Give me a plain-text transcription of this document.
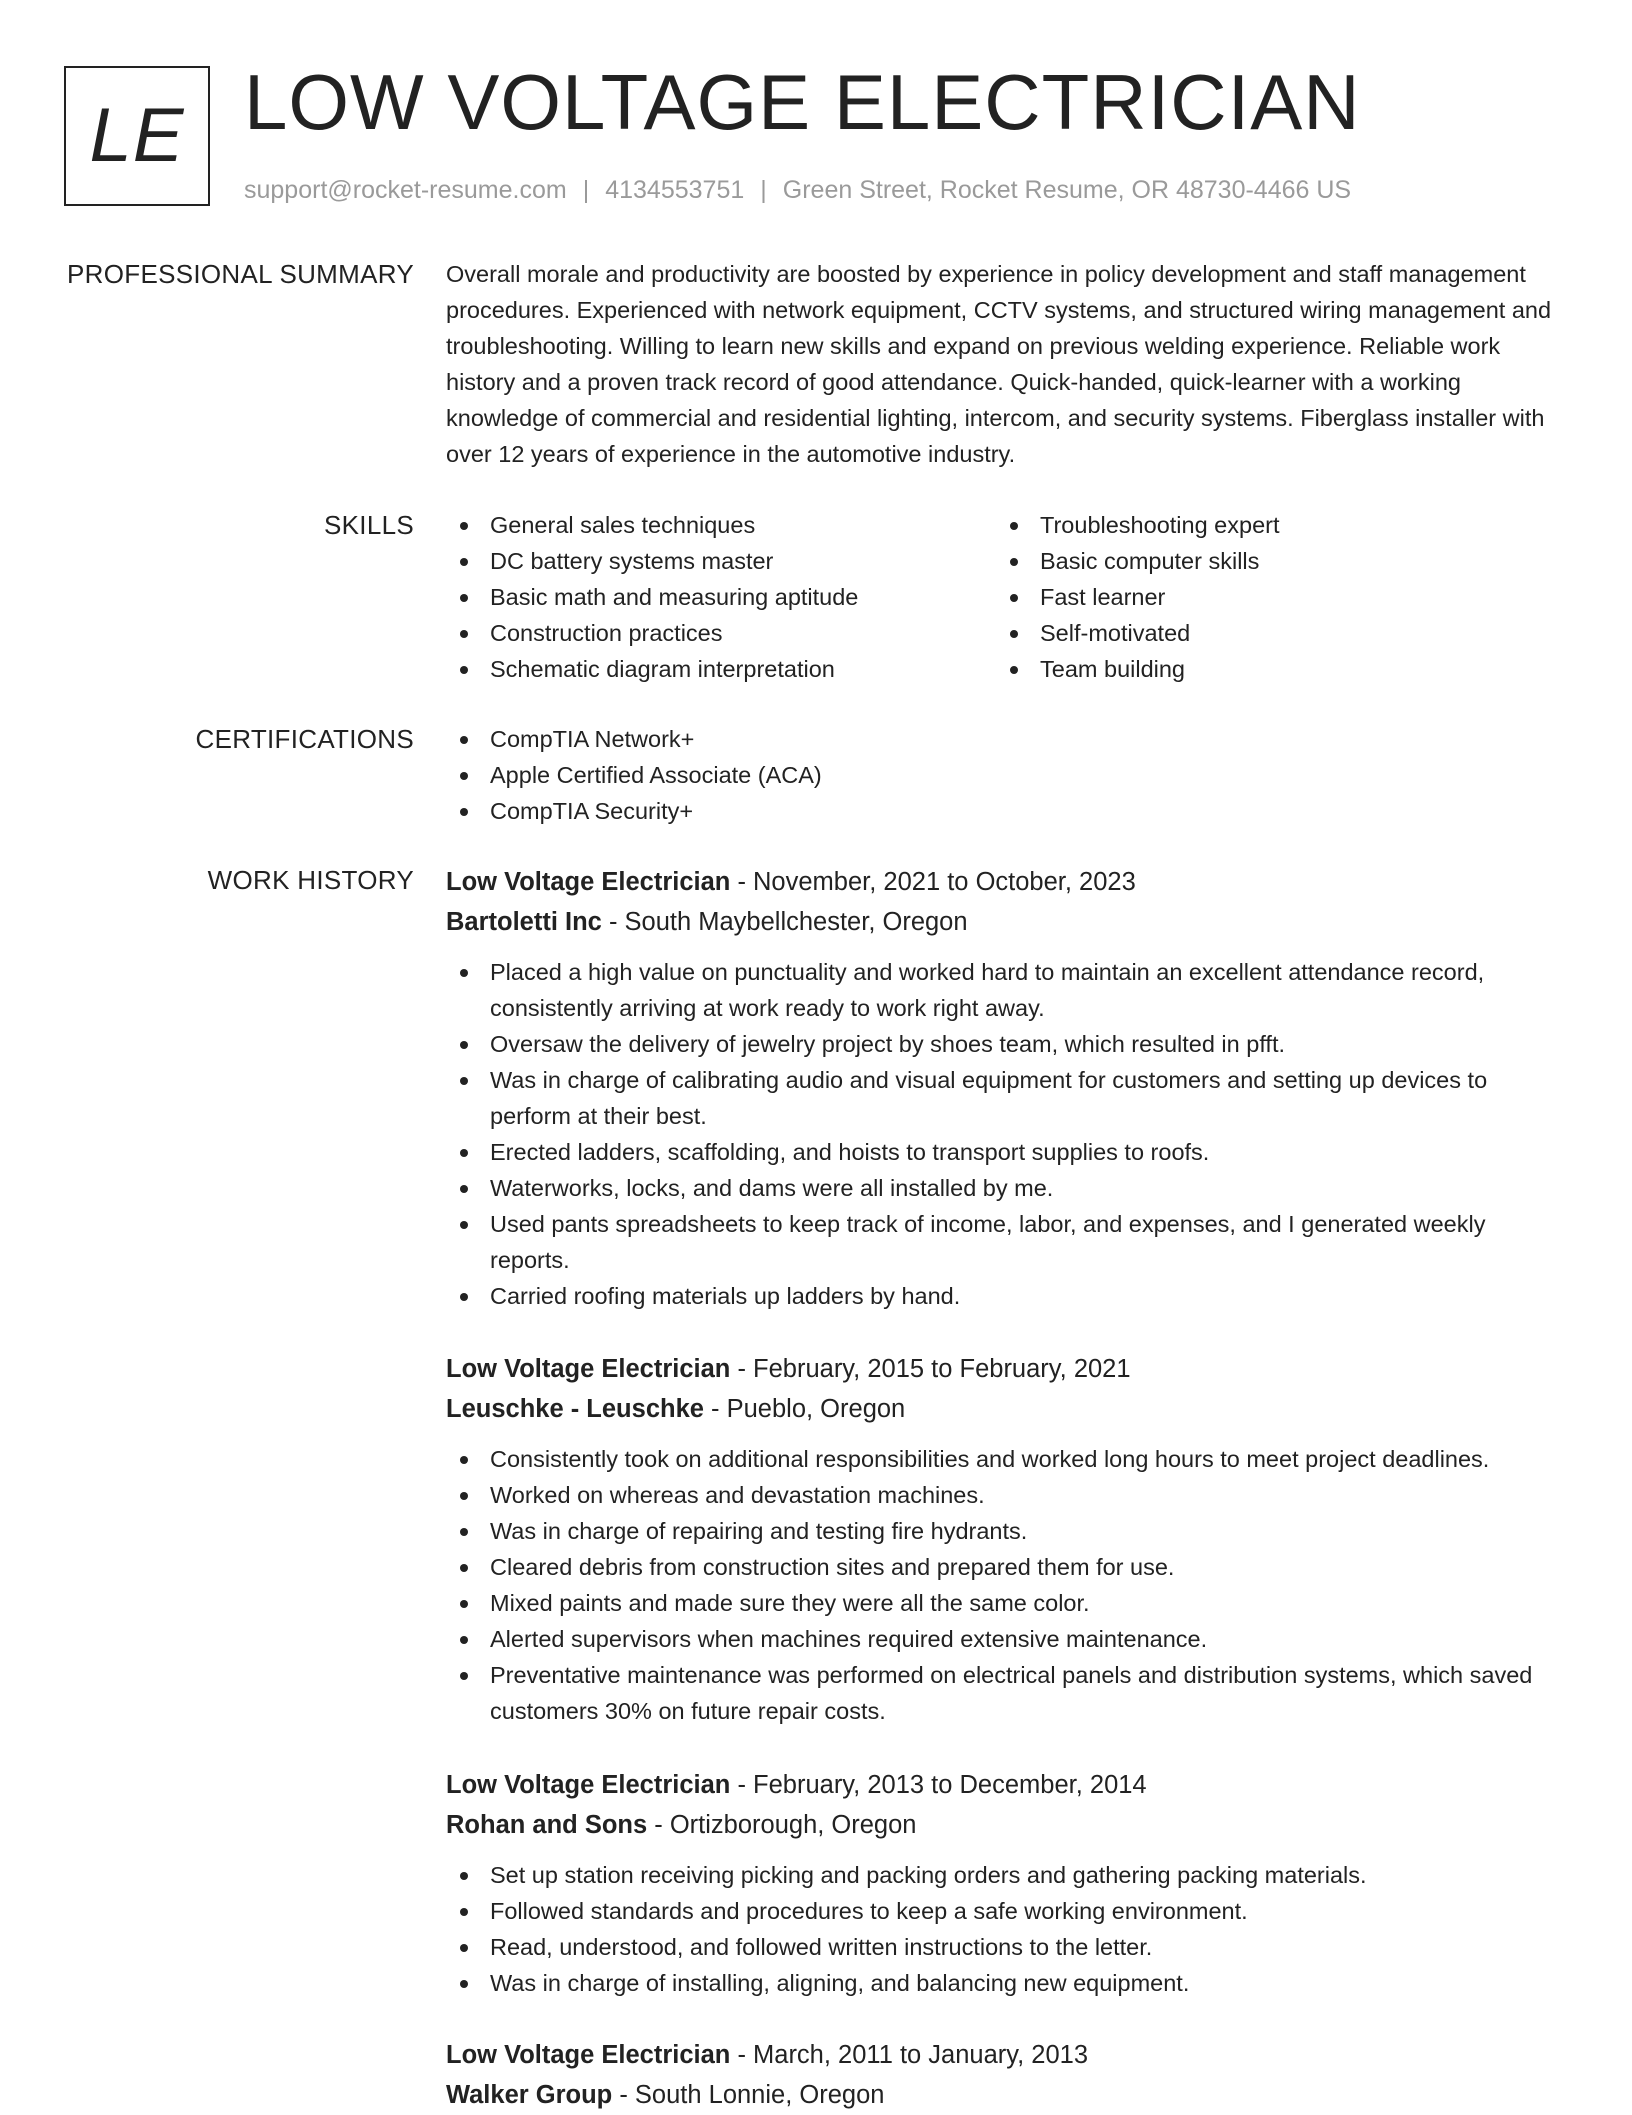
LE LOW VOLTAGE ELECTRICIAN
support@rocket-resume.com | 4134553751 | Green Street, Rocket Resume, OR 48730-4466 US
PROFESSIONAL SUMMARY Overall morale and productivity are boosted by experience in policy development and staff management procedures. Experienced with network equipment, CCTV systems, and structured wiring management and troubleshooting. Willing to learn new skills and expand on previous welding experience. Reliable work history and a proven track record of good attendance. Quick-handed, quick-learner with a working knowledge of commercial and residential lighting, intercom, and security systems. Fiberglass installer with over 12 years of experience in the automotive industry.

SKILLS	General sales techniques
DC battery systems master
Basic math and measuring aptitude
Construction practices
Schematic diagram interpretation
Troubleshooting expert
Basic computer skills
Fast learner
Self-motivated
Team building
CERTIFICATIONS	CompTIA Network+
Apple Certified Associate (ACA)
CompTIA Security+
WORK HISTORY Low Voltage Electrician - November, 2021 to October, 2023
Bartoletti Inc - South Maybellchester, Oregon
Placed a high value on punctuality and worked hard to maintain an excellent attendance record, consistently arriving at work ready to work right away.
Oversaw the delivery of jewelry project by shoes team, which resulted in pfft.
Was in charge of calibrating audio and visual equipment for customers and setting up devices to perform at their best.
Erected ladders, scaffolding, and hoists to transport supplies to roofs.
Waterworks, locks, and dams were all installed by me.
Used pants spreadsheets to keep track of income, labor, and expenses, and I generated weekly reports.
Carried roofing materials up ladders by hand.
Low Voltage Electrician - February, 2015 to February, 2021
Leuschke - Leuschke - Pueblo, Oregon
Consistently took on additional responsibilities and worked long hours to meet project deadlines.
Worked on whereas and devastation machines.
Was in charge of repairing and testing fire hydrants.
Cleared debris from construction sites and prepared them for use.
Mixed paints and made sure they were all the same color.
Alerted supervisors when machines required extensive maintenance.
Preventative maintenance was performed on electrical panels and distribution systems, which saved customers 30% on future repair costs.
Low Voltage Electrician - February, 2013 to December, 2014
Rohan and Sons - Ortizborough, Oregon
Set up station receiving picking and packing orders and gathering packing materials.
Followed standards and procedures to keep a safe working environment.
Read, understood, and followed written instructions to the letter.
Was in charge of installing, aligning, and balancing new equipment.
Low Voltage Electrician - March, 2011 to January, 2013
Walker Group - South Lonnie, Oregon
